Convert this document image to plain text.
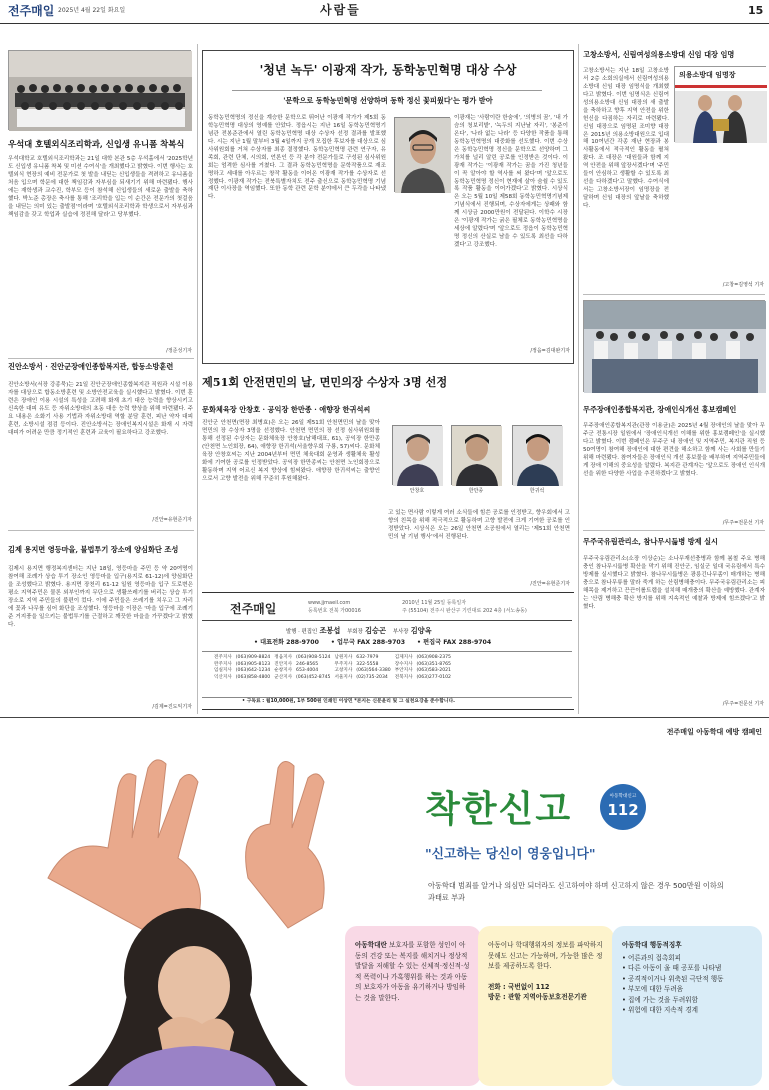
전주매일 2025년 4월 22일 화요일	사람들	15
우석대 호텔외식조리학과, 신입생 유니폼 착복식
우석대학교 호텔외식조리학과는 21일 대학 본관 5층 우석홀에서 '2025학년도 신입생 유니폼 착복 및 미션 수여식'을 개최했다고 밝혔다. 이번 행사는 호텔외식 현장의 예비 전문가로 첫 발을 내딛는 신입생들을 격려하고 유니폼을 처음 입으며 학문에 대한 책임감과 자부심을 되새기기 위해 마련됐다. 행사에는 재학생과 교수진, 학부모 등이 참석해 신입생들의 새로운 출발을 축하했다. 박노준 총장은 축사를 통해 '조리학을 입는 이 순간은 전문가의 첫걸음을 내딛는 의미 있는 출발점'이라며 '호텔외식조리학과 학생으로서 자부심과 책임감을 갖고 학업과 실습에 정진해 달라'고 당부했다.
/정준성기자
진안소방서 · 진안군장애인종합복지관, 합동소방훈련
진안소방서(서장 강종묵)는 21일 진안군장애인종합복지관 직원과 시설 이용자를 대상으로 합동소방훈련 및 소방안전교육을 실시했다고 밝혔다. 이번 훈련은 장애인 이용 시설의 특성을 고려해 화재 초기 대응 능력을 향상시키고 신속한 대피 유도 등 자위소방대의 초동 대응 능력 향상을 위해 마련됐다. 주요 내용은 소화기 사용 기법과 자위소방대 역할 분담 훈련, 피난 약자 대피 훈련, 소방시설 점검 등이다. 진안소방서는 장애인복지시설은 화재 시 자력 대피가 어려운 만큼 정기적인 훈련과 교육이 필요하다고 강조했다.
/진안=유현준기자
김제 용지면 영등마을, 불법투기 장소에 양심화단 조성
김제시 용지면 행정복지센터는 지난 18일, 영등마을 주민 등 약 20여명이 참여해 조례가 상습 투기 장소인 영등마을 입구(용지로 61-12)에 양심화단을 조성했다고 밝혔다. 용지면 장천리 61-12 일원 영등마을 입구 도로변은 평소 지역주민은 물론 외부인까지 무단으로 생활쓰레기를 버리는 상습 투기 장소로 지역 주민들의 불편이 컸다. 이에 주민들은 쓰레기를 치우고 그 자리에 꽃과 나무를 심어 화단을 조성했다. 영등마을 이장은 '마을 입구에 조례기준 거지풍을 일으키는 불법투기를 근절하고 깨끗한 마을을 가꾸겠다'고 밝혔다.
/김제=진도익기자
'청년 녹두' 이광재 작가, 동학농민혁명 대상 수상
'문학으로 동학농민혁명 선양하며 동학 정신 꽃피웠다'는 평가 받아
동학농민혁명의 정신을 계승한 문학으로 뛰어난 이광재 작가가 제5회 동학농민혁명 대상의 영예를 안았다. 정읍시는 지난 16일 동학농민혁명기념관 전봉준관에서 열린 동학농민혁명 대상 수상자 선정 결과를 발표했다. 시는 지난 1월 말부터 3월 4일까지 공개 모집한 후보자를 대상으로 심사위원회를 거쳐 수상자를 최종 결정했다. 동학농민혁명 관련 연구자, 유족회, 관련 단체, 시의회, 언론인 등 각 분야 전문가들로 구성된 심사위원회는 엄격한 심사를 거쳤다. 그 결과 동학농민혁명을 문학작품으로 재조명하고 세대를 아우르는 창작 활동을 이어온 이광재 작가를 수상자로 선정했다. 이광재 작가는 전북특별자치도 전주 출신으로 동학농민혁명 기념재단 이사장을 역임했다. 또한 동학 관련 문학 분야에서 큰 두각을 나타냈다.
이광재는 '사람이란 한숨에', '의병의 꿈', '내 가슴의 청보리밭', '녹두의 지난날 자리', '봉준이 온다', '나라 없는 나라' 등 다양한 작품을 통해 동학농민혁명의 대중화를 선도했다. 이번 수상은 동학농민혁명 정신을 문학으로 선양하며 그 가치를 널리 알린 공로를 인정받은 것이다. 이광재 작가는 '이광재 작가는 꿈을 가진 청년들이 꼭 알아야 할 역사를 써 왔다'며 '앞으로도 동학농민혁명 정신이 현재에 살아 숨쉴 수 있도록 작품 활동을 이어가겠다'고 밝혔다. 시상식은 오는 5월 10일 제58회 동학농민혁명기념제 기념식에서 진행되며, 수상자에게는 상패와 함께 시상금 2000만원이 전달된다. 이학수 시장은 '이광재 작가는 굵은 필체로 동학농민혁명을 세상에 알렸다'며 '앞으로도 정읍이 동학농민혁명 정신의 산실로 남을 수 있도록 최선을 다하겠다'고 강조했다.
/정읍=김대완기자
제51회 안전면민의 날, 면민의장 수상자 3명 선정
문화체육장 안창호 · 공익장 한만종 · 애향장 한귀석씨
진안군 안천면(면장 최병효)은 오는 26일 제51회 안천면민의 날을 맞아 면민의 장 수상자 3명을 선정했다. 안천면 면민의 장 선정 심사위원회를 통해 선정된 수상자는 문화체육장 안창호(남해대표, 61), 공익장 한만종(안천면 노인회장, 64), 애향장 한귀석(서울향우회 구룡, 57)씨다. 문화체육장 안창호씨는 지난 2004년부터 면민 체육대회 운영과 생활체육 활성화에 기여한 공로를 인정받았다. 공익장 한만종씨는 안천면 노인회장으로 활동하며 지역 어르신 복지 향상에 힘써왔다. 애향장 한귀석씨는 출향인으로서 고향 발전을 위해 꾸준히 후원해왔다.
안창호	한만종	한귀석
고 있는 면사람 이렇게 여러 소식들에 힘쓴 공로를 인정받고, 향우회에서 고향의 친목을 위해 적극적으로 활동하며 고향 발전에 크게 기여한 공로를 인정받았다. 시상식은 오는 26일 안천면 소공원에서 열리는 '제51회 안천면민의 날 기념 행사'에서 진행된다.
/진안=유현준기자
전주매일	www.jjmaeil.com
등록번호 전북 가00016
2010년 11월 25일 등록일자
주 (55104) 전주시 완산구 기린대로 202 4층 (서노송동)
발행 · 편집인 조봉섭 부회장 김승곤 부사장 김양옥
• 대표전화 288-9700 • 업무국 FAX 288-9703 • 편집국 FAX 288-9704
전주지사	(063)909-8824	정읍지사	(063)908-5124	남원지사	632-7979	김제지사	(063)908-2375
완주지사	(063)905-8123	진안지사	246-8565	무주지사	322-5558	장수지사	(063)351-8765
임실지사	(063)642-1234	순창지사	653-4004	고창지사	(063)564-3380	부안지사	(063)583-2021
익산지사	(063)858-4800	군산지사	(063)452-8745	서울지사	(02)735-2034	전북지사	(063)277-0102
• 구독료 : 월10,000원, 1부 500원 인쇄인 이상민 *본지는 신문윤리 및 그 실천요강을 준수합니다.
고창소방서, 신림여성의용소방대 신임 대장 임명
의용소방대 임명장
고창소방서는 지난 18일 고창소방서 2층 소회의실에서 신림여성의용소방대 신임 대장 임명식을 개최했다고 밝혔다. 이번 임명식은 신림여성의용소방대 신임 대장의 새 출발을 축하하고 향후 지역 안전을 위한 헌신을 다짐하는 자리로 마련됐다. 신임 대장으로 임명된 조미향 대장은 2015년 의용소방대원으로 입대해 10여년간 각종 재난 현장과 봉사활동에서 적극적인 활동을 펼쳐왔다. 조 대장은 '대원들과 함께 지역 안전을 위해 앞장서겠다'며 '주민들이 안심하고 생활할 수 있도록 최선을 다하겠다'고 말했다. 수여식에서는 고창소방서장이 임명장을 전달하며 신임 대장의 앞날을 축하했다.
/고창=김영석 기자
무주장애인종합복지관, 장애인식개선 홍보캠페인
무주장애인종합복지관(관장 이용균)은 2025년 4월 장애인의 날을 맞아 무주군 전통시장 일원에서 '장애인식개선 이해를 위한 홍보캠페인'을 실시했다고 밝혔다. 이번 캠페인은 무주군 내 장애인 및 지역주민, 복지관 직원 등 50여명이 참여해 장애인에 대한 편견을 해소하고 함께 사는 사회를 만들기 위해 마련됐다. 참여자들은 장애인식 개선 홍보물을 배부하며 지역주민들에게 장애 이해의 중요성을 알렸다. 복지관 관계자는 '앞으로도 장애인 인식개선을 위한 다양한 사업을 추진하겠다'고 밝혔다.
/무주=전문선 기자
무주국유림관리소, 참나무시듦병 방제 실시
무주국유림관리소(소장 이상순)는 소나무재선충병과 함께 봄철 주요 병해충인 참나무시듦병 확산을 막기 위해 진안군, 임실군 일대 국유림에서 특수방제를 실시했다고 밝혔다. 참나무시듦병은 광릉긴나무좀이 매개하는 병해충으로 참나무류를 말라 죽게 하는 산림병해충이다. 무주국유림관리소는 피해목을 제거하고 끈끈이롤트랩을 설치해 매개충의 확산을 예방했다. 관계자는 '산림 병해충 확산 방지를 위해 지속적인 예찰과 방제에 힘쓰겠다'고 밝혔다.
/무주=전문선 기자
전주매일 아동학대 예방 캠페인
착한신고	아동학대신고
112
"신고하는 당신이 영웅입니다"
아동학대 범죄를 알거나 의심만 되더라도 신고하여야 하며 신고하지 않은 경우 500만원 이하의 과태료 부과
아동학대란 보호자를 포함한 성인이 아동의 건강 또는 복지를 해치거나 정상적 발달을 저해할 수 있는 신체적·정신적·성적 폭력이나 가혹행위를 하는 것과 아동의 보호자가 아동을 유기하거나 방임하는 것을 말한다.
아동이나 학대행위자의 정보를 파악하지 못해도 신고는 가능하며, 가능한 많은 정보를 제공하도록 한다.
전화 : 국번없이 112
방문 : 관할 지역아동보호전문기관
아동학대 행동적징후
• 어른과의 접촉회피
• 다른 아동이 울 때 공포를 나타냄
• 공격적이거나 위축된 극단적 행동
• 부모에 대한 두려움
• 집에 가는 것을 두려워함
• 위험에 대한 지속적 경계
